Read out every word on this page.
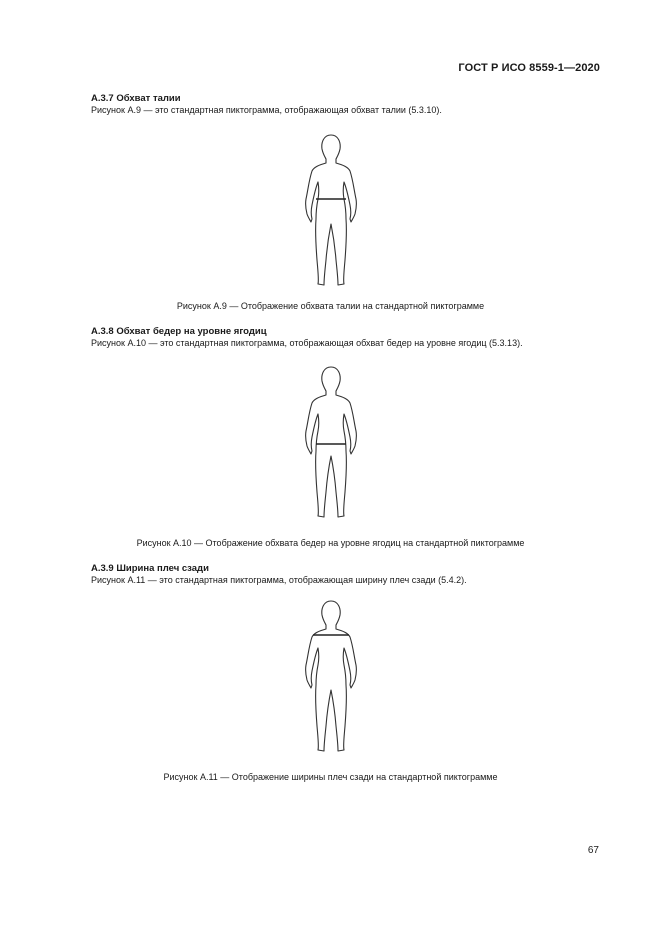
ГОСТ Р ИСО 8559-1—2020

А.3.7 Обхват талии

Рисунок А.9 — это стандартная пиктограмма, отображающая обхват талии (5.3.10).

Рисунок А.9 — Отображение обхвата талии на стандартной пиктограмме

А.3.8 Обхват бедер на уровне ягодиц

Рисунок А.10 — это стандартная пиктограмма, отображающая обхват бедер на уровне ягодиц (5.3.13).

Рисунок А.10 — Отображение обхвата бедер на уровне ягодиц на стандартной пиктограмме

А.3.9 Ширина плеч сзади

Рисунок А.11 — это стандартная пиктограмма, отображающая ширину плеч сзади (5.4.2).

Рисунок А.11 — Отображение ширины плеч сзади на стандартной пиктограмме
67
